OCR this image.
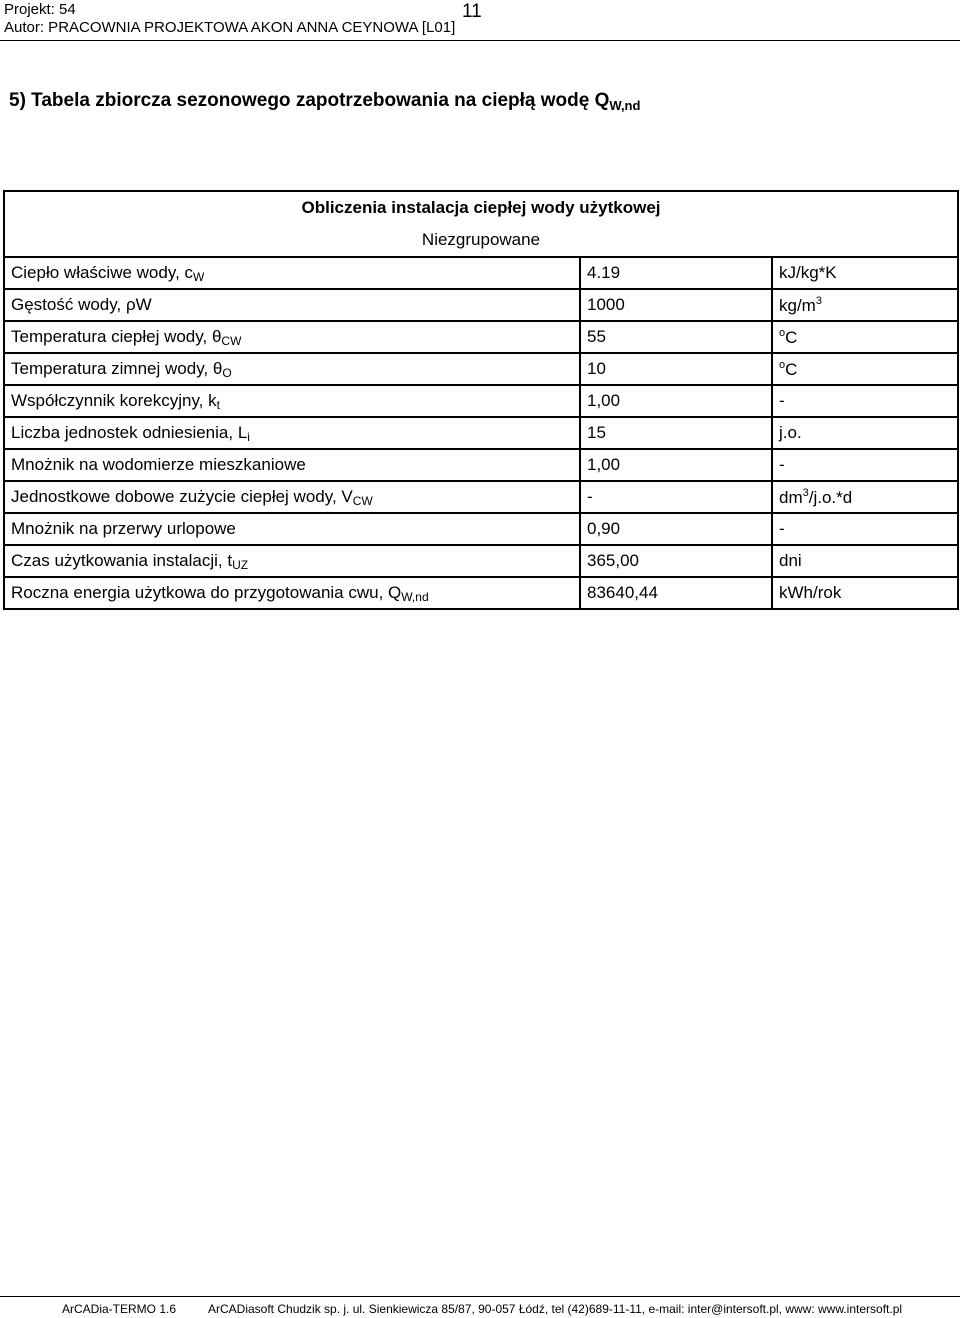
Projekt: 54
Autor: PRACOWNIA PROJEKTOWA AKON ANNA CEYNOWA [L01]
11
5) Tabela zbiorcza sezonowego zapotrzebowania na ciepłą wodę $Q_{W,nd}$
Obliczenia instalacja ciepłej wody użytkowej		
Niezgrupowane		
Ciepło właściwe wody, cW	4.19	kJ/kg*K
Gęstość wody, ρW	1000	$kg/m^3$
Temperatura ciepłej wody, θCW	55	$^o$C
Temperatura zimnej wody, θO	10	$^o$C
Współczynnik korekcyjny, kt	1,00	-
Liczba jednostek odniesienia, Li	15	j.o.
Mnożnik na wodomierze mieszkaniowe	1,00	-
Jednostkowe dobowe zużycie ciepłej wody, VCW	-	$dm^3/j.o.*d$
Mnożnik na przerwy urlopowe	0,90	-
Czas użytkowania instalacji, tUZ	365,00	dni
Roczna energia użytkowa do przygotowania cwu, QW,nd	83640,44	kWh/rok
ArCADia-TERMO 1.6	ArCADiasoft Chudzik sp. j. ul. Sienkiewicza 85/87, 90-057 Łódź, tel (42)689-11-11, e-mail: inter@intersoft.pl, www: www.intersoft.pl
